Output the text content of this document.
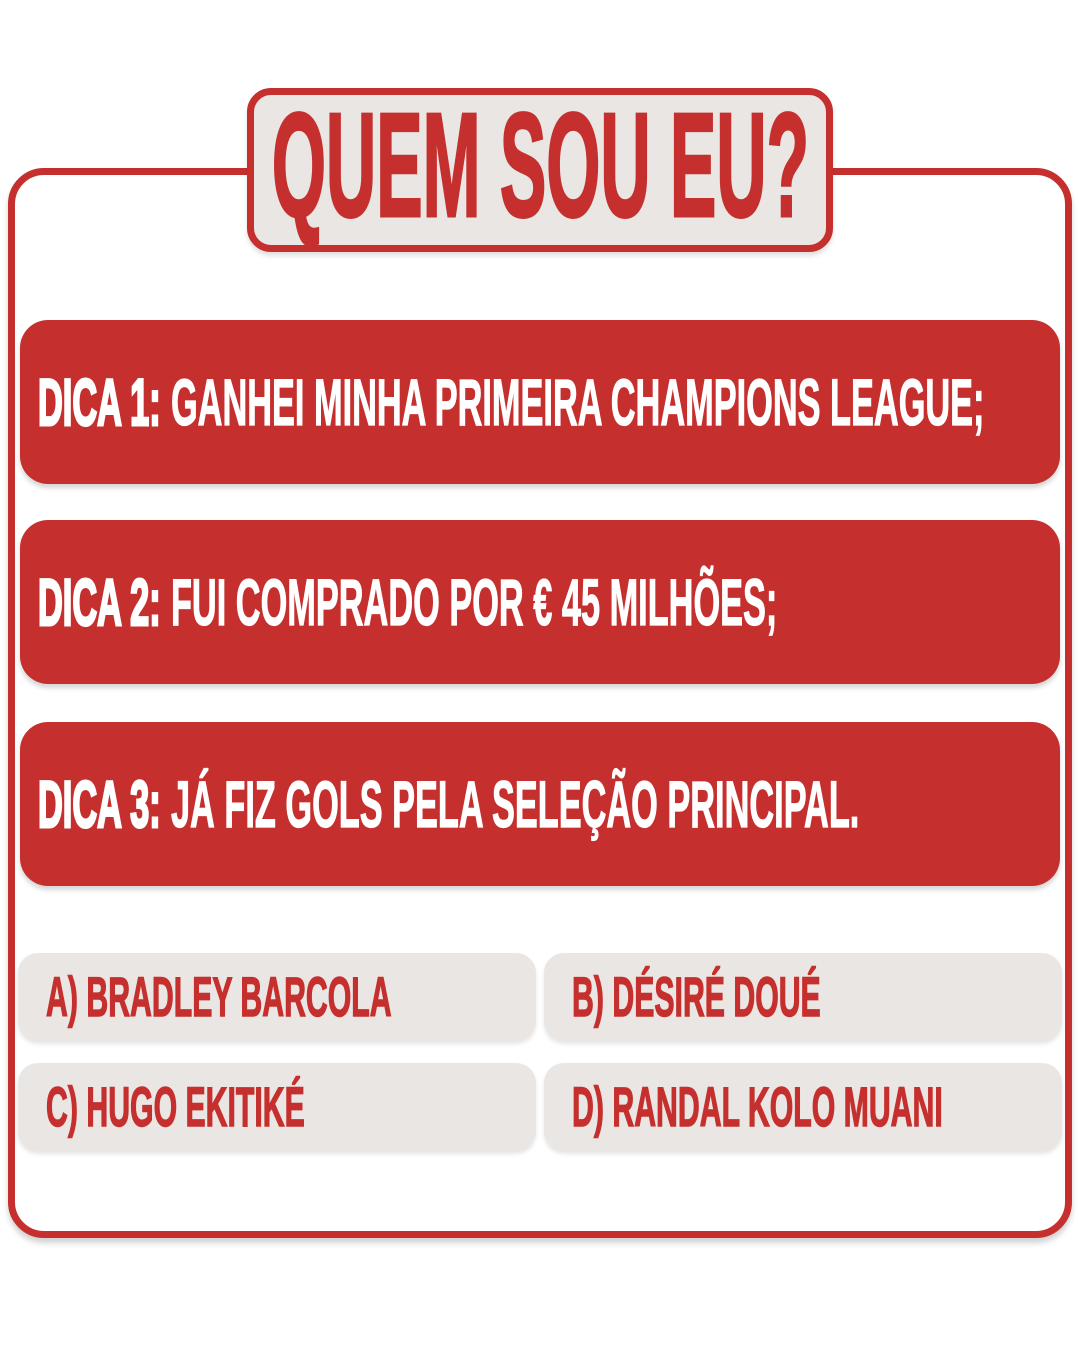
QUEM SOU EU?
DICA 1: GANHEI MINHA PRIMEIRA CHAMPIONS LEAGUE;
DICA 2: FUI COMPRADO POR € 45 MILHÕES;
DICA 3: JÁ FIZ GOLS PELA SELEÇÃO PRINCIPAL.
A) BRADLEY BARCOLA	B) DÉSIRÉ DOUÉ
C) HUGO EKITIKÉ	D) RANDAL KOLO MUANI
